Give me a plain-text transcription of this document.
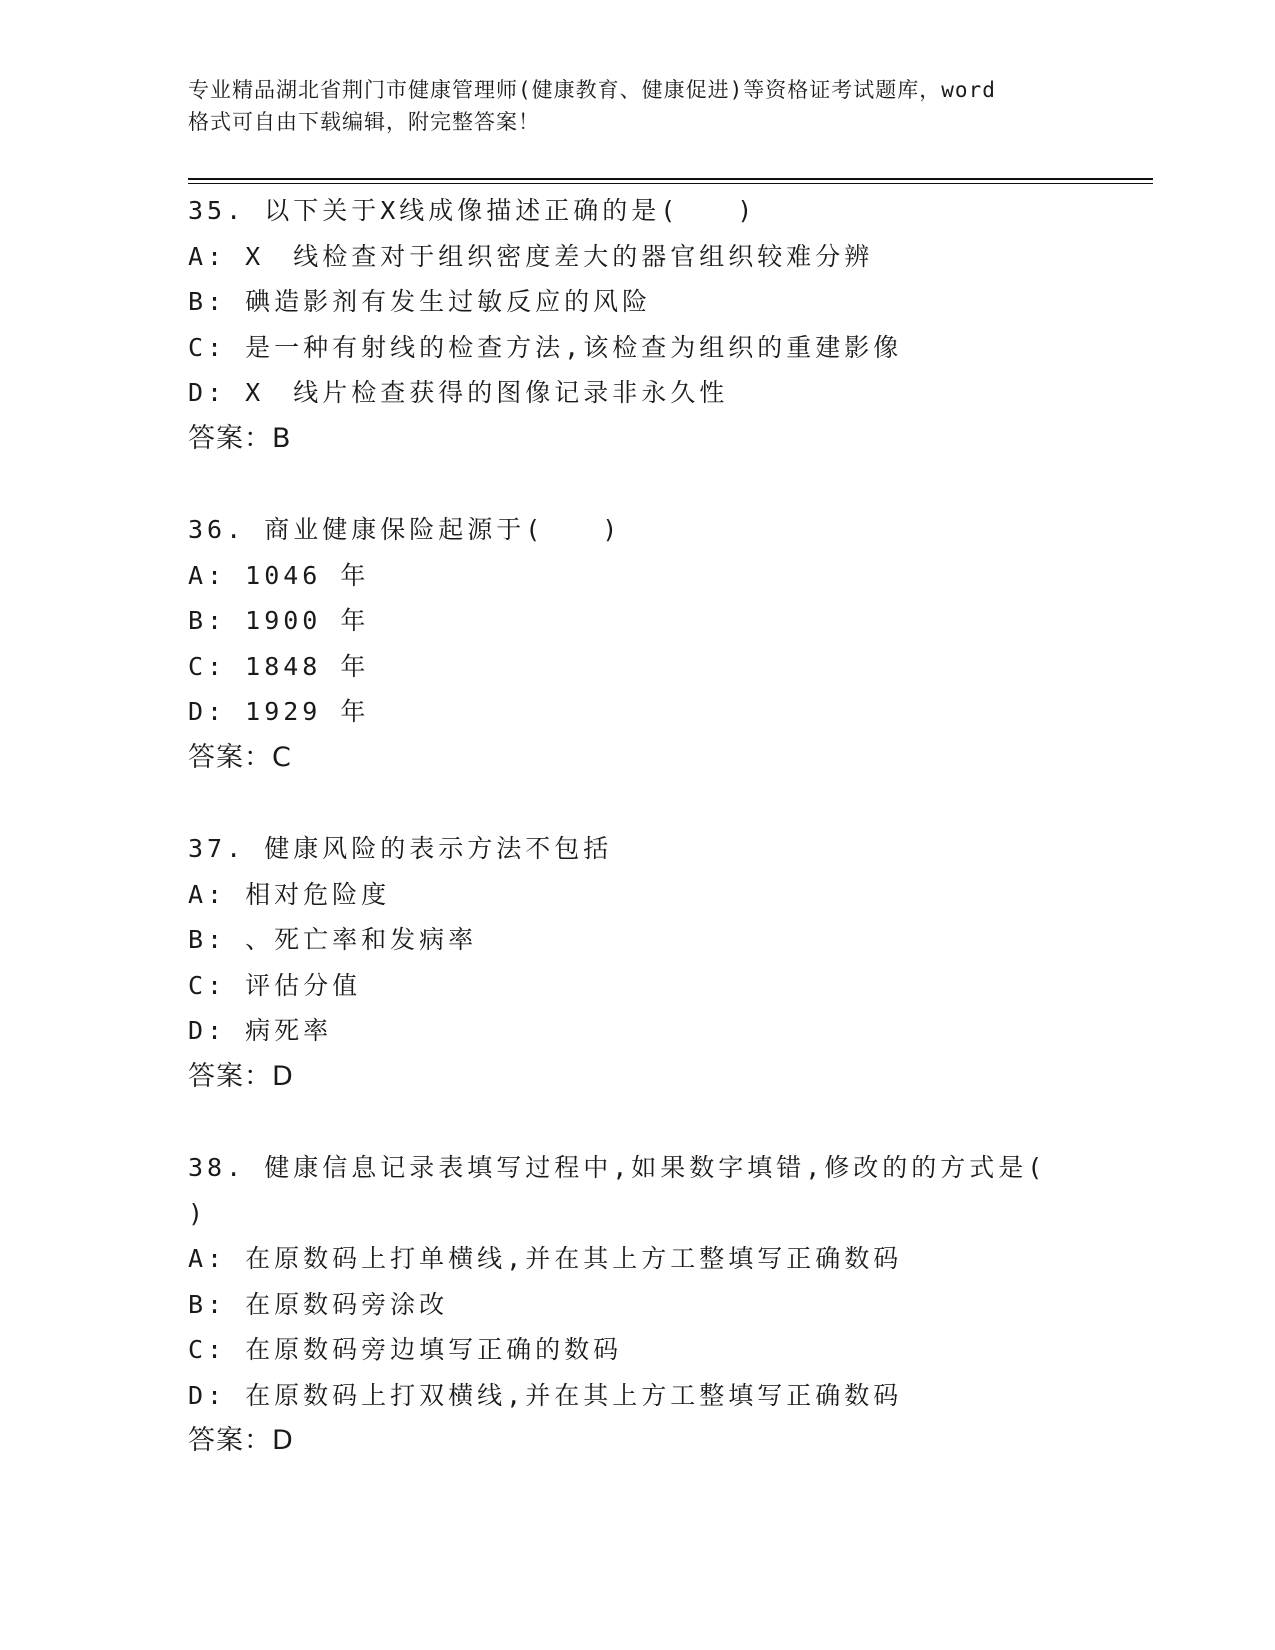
专业精品湖北省荆门市健康管理师(健康教育、健康促进)等资格证考试题库，word
格式可自由下载编辑，附完整答案！
35. 以下关于X线成像描述正确的是(　　)
A: X　线检查对于组织密度差大的器官组织较难分辨
B: 碘造影剂有发生过敏反应的风险
C: 是一种有射线的检查方法,该检查为组织的重建影像
D: X　线片检查获得的图像记录非永久性
答案：B
36. 商业健康保险起源于(　　)
A: 1046 年
B: 1900 年
C: 1848 年
D: 1929 年
答案：C
37. 健康风险的表示方法不包括
A: 相对危险度
B: 、死亡率和发病率
C: 评估分值
D: 病死率
答案：D
38. 健康信息记录表填写过程中,如果数字填错,修改的的方式是(
)
A: 在原数码上打单横线,并在其上方工整填写正确数码
B: 在原数码旁涂改
C: 在原数码旁边填写正确的数码
D: 在原数码上打双横线,并在其上方工整填写正确数码
答案：D
